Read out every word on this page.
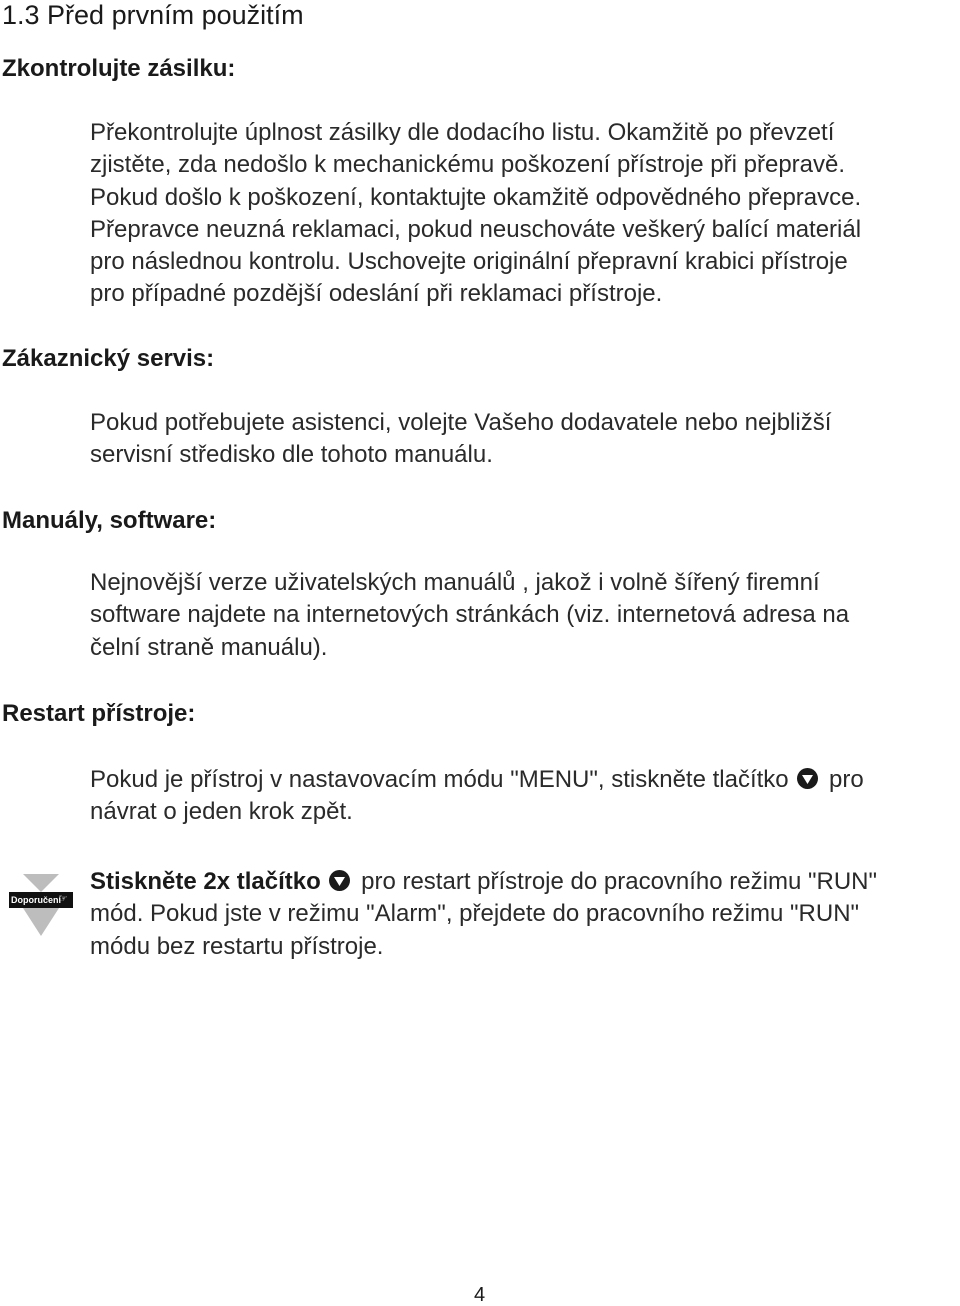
1.3 Před prvním použitím
Zkontrolujte zásilku:
Překontrolujte úplnost zásilky dle dodacího listu. Okamžitě po převzetí
zjistěte, zda nedošlo k mechanickému poškození přístroje při přepravě.
Pokud došlo k poškození, kontaktujte okamžitě odpovědného přepravce.
Přepravce neuzná reklamaci, pokud neuschováte veškerý balící materiál
pro následnou kontrolu. Uschovejte originální přepravní krabici přístroje
pro případné pozdější odeslání při reklamaci přístroje.
Zákaznický servis:
Pokud potřebujete asistenci, volejte Vašeho dodavatele nebo nejbližší
servisní středisko dle tohoto manuálu.
Manuály, software:
Nejnovější verze uživatelských manuálů , jakož i volně šířený firemní
software najdete na internetových stránkách (viz. internetová adresa na
čelní straně manuálu).
Restart přístroje:
Pokud je přístroj v nastavovacím módu "MENU", stiskněte tlačítko pro
návrat o jeden krok zpět.
Doporučení
☞
Stiskněte 2x tlačítko pro restart přístroje do pracovního režimu "RUN"
mód. Pokud jste v režimu "Alarm", přejdete do pracovního režimu "RUN"
módu bez restartu přístroje.
4
